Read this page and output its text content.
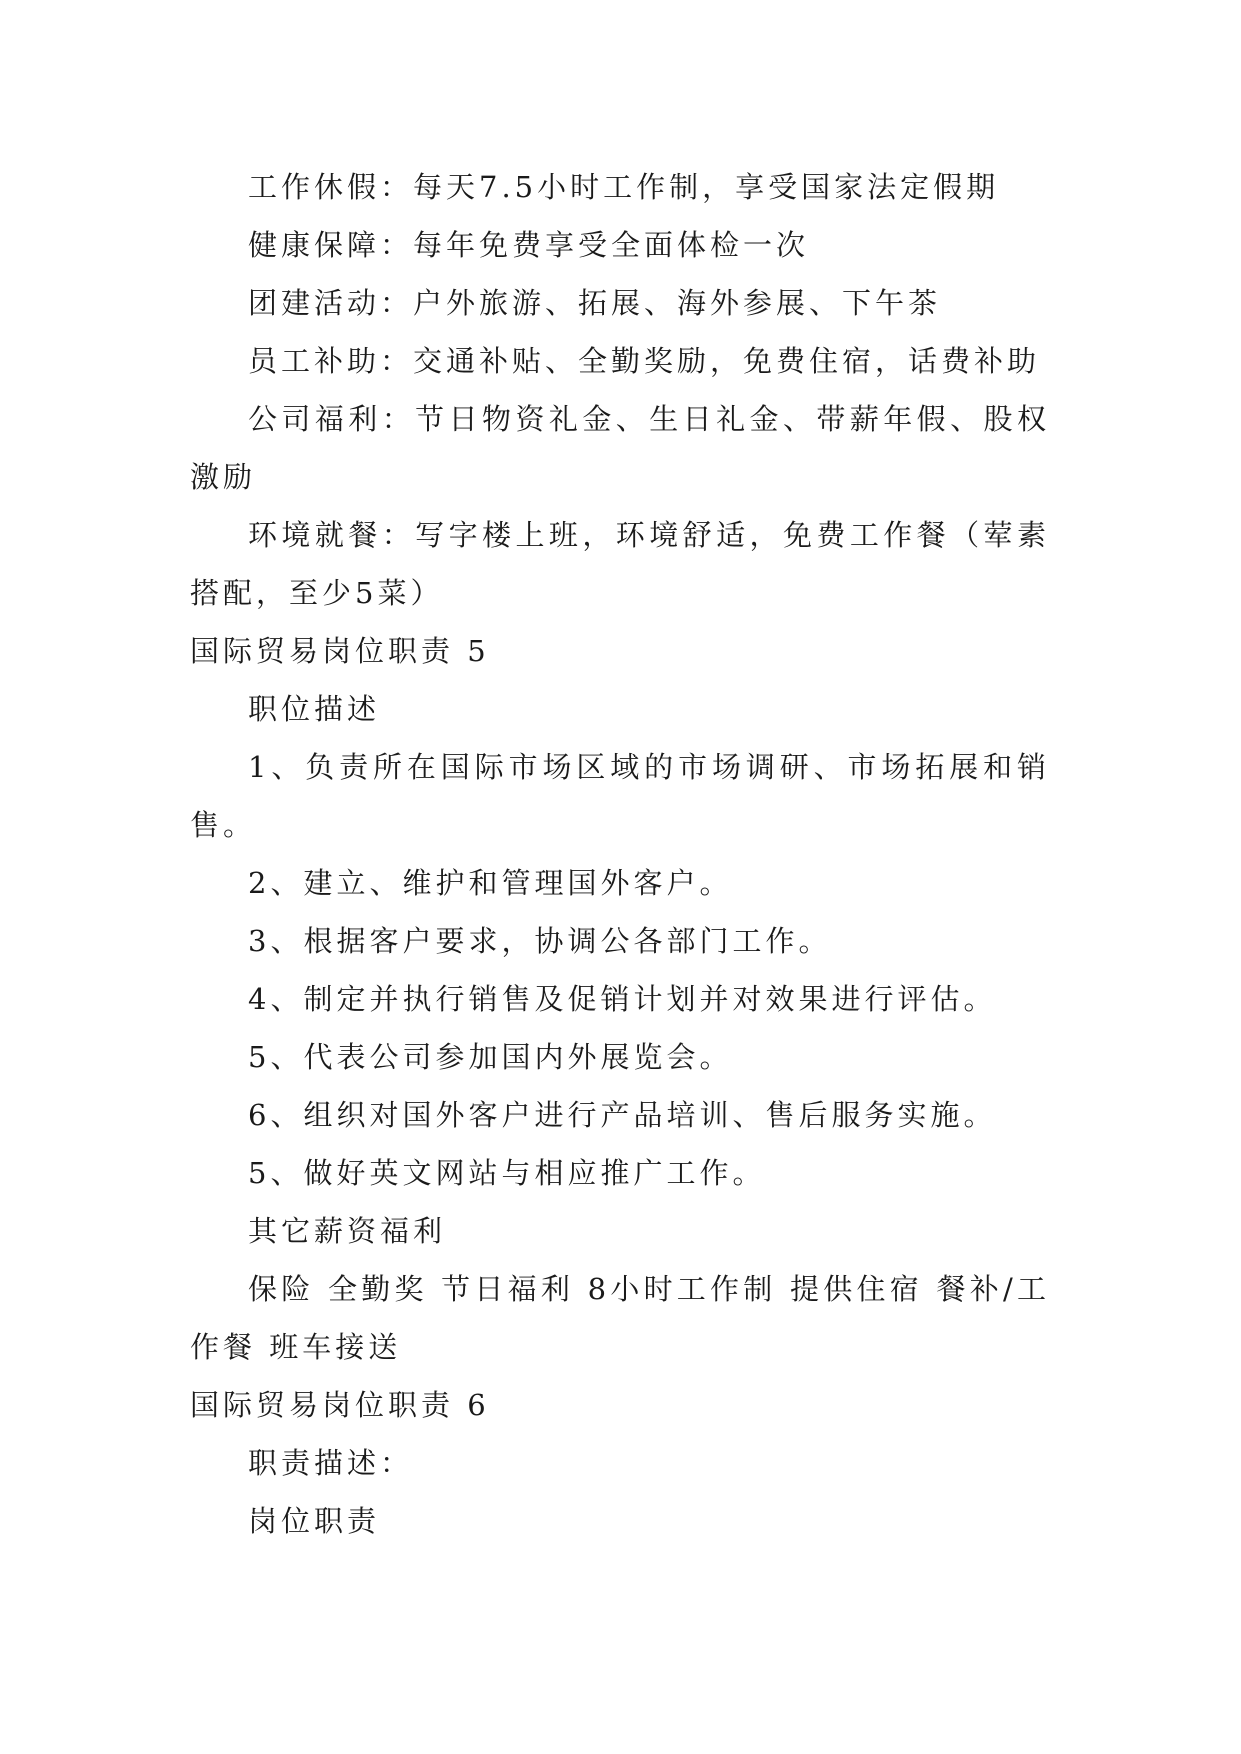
工作休假：每天7.5小时工作制，享受国家法定假期

健康保障：每年免费享受全面体检一次

团建活动：户外旅游、拓展、海外参展、下午茶

员工补助：交通补贴、全勤奖励，免费住宿，话费补助

公司福利：节日物资礼金、生日礼金、带薪年假、股权激励

环境就餐：写字楼上班，环境舒适，免费工作餐（荤素搭配，至少5菜）

国际贸易岗位职责 5

职位描述

1、负责所在国际市场区域的市场调研、市场拓展和销售。

2、建立、维护和管理国外客户。

3、根据客户要求，协调公各部门工作。

4、制定并执行销售及促销计划并对效果进行评估。

5、代表公司参加国内外展览会。

6、组织对国外客户进行产品培训、售后服务实施。

5、做好英文网站与相应推广工作。

其它薪资福利

保险 全勤奖 节日福利 8小时工作制 提供住宿 餐补/工作餐 班车接送

国际贸易岗位职责 6

职责描述：

岗位职责
